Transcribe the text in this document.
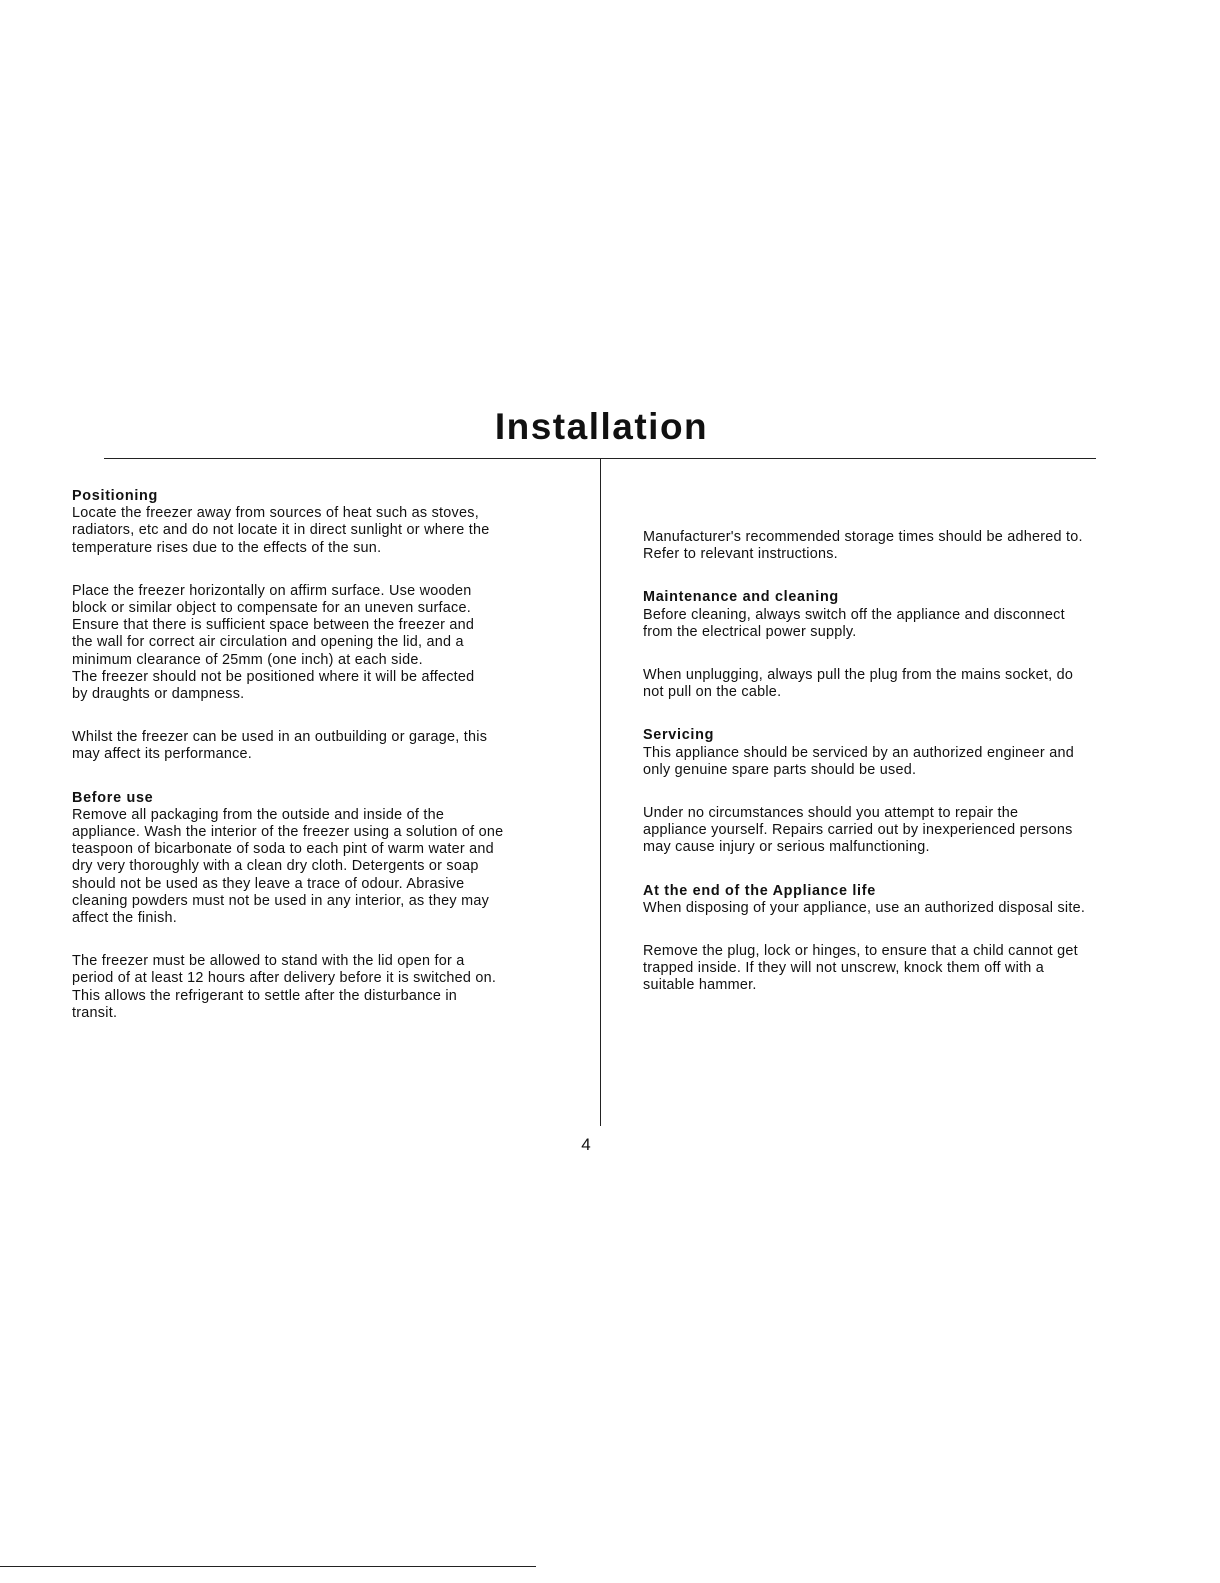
Installation

Positioning

Locate the freezer away from sources of heat such as stoves,
radiators, etc and do not locate it in direct sunlight or where the
temperature rises due to the effects of the sun.

Place the freezer horizontally on affirm surface. Use wooden
block or similar object to compensate for an uneven surface.
Ensure that there is sufficient space between the freezer and
the wall for correct air circulation and opening the lid, and a
minimum clearance of 25mm (one inch) at each side.
The freezer should not be positioned where it will be affected
by draughts or dampness.

Whilst the freezer can be used in an outbuilding or garage, this
may affect its performance.

Before use

Remove all packaging from the outside and inside of the
appliance. Wash the interior of the freezer using a solution of one
teaspoon of bicarbonate of soda to each pint of warm water and
dry very thoroughly with a clean dry cloth. Detergents or soap
should not be used as they leave a trace of odour. Abrasive
cleaning powders must not be used in any interior, as they may
affect the finish.

The freezer must be allowed to stand with the lid open for a
period of at least 12 hours after delivery before it is switched on.
This allows the refrigerant to settle after the disturbance in
transit.

Manufacturer's recommended storage times should be adhered to.
Refer to relevant instructions.

Maintenance and cleaning

Before cleaning, always switch off the appliance and disconnect
from the electrical power supply.

When unplugging, always pull the plug from the mains socket, do
not pull on the cable.

Servicing

This appliance should be serviced by an authorized engineer and
only genuine spare parts should be used.

Under no circumstances should you attempt to repair the
appliance yourself. Repairs carried out by inexperienced persons
may cause injury or serious malfunctioning.

At the end of the Appliance life

When disposing of your appliance, use an authorized disposal site.

Remove the plug, lock or hinges, to ensure that a child cannot get
trapped inside. If they will not unscrew, knock them off with a
suitable hammer.

4
